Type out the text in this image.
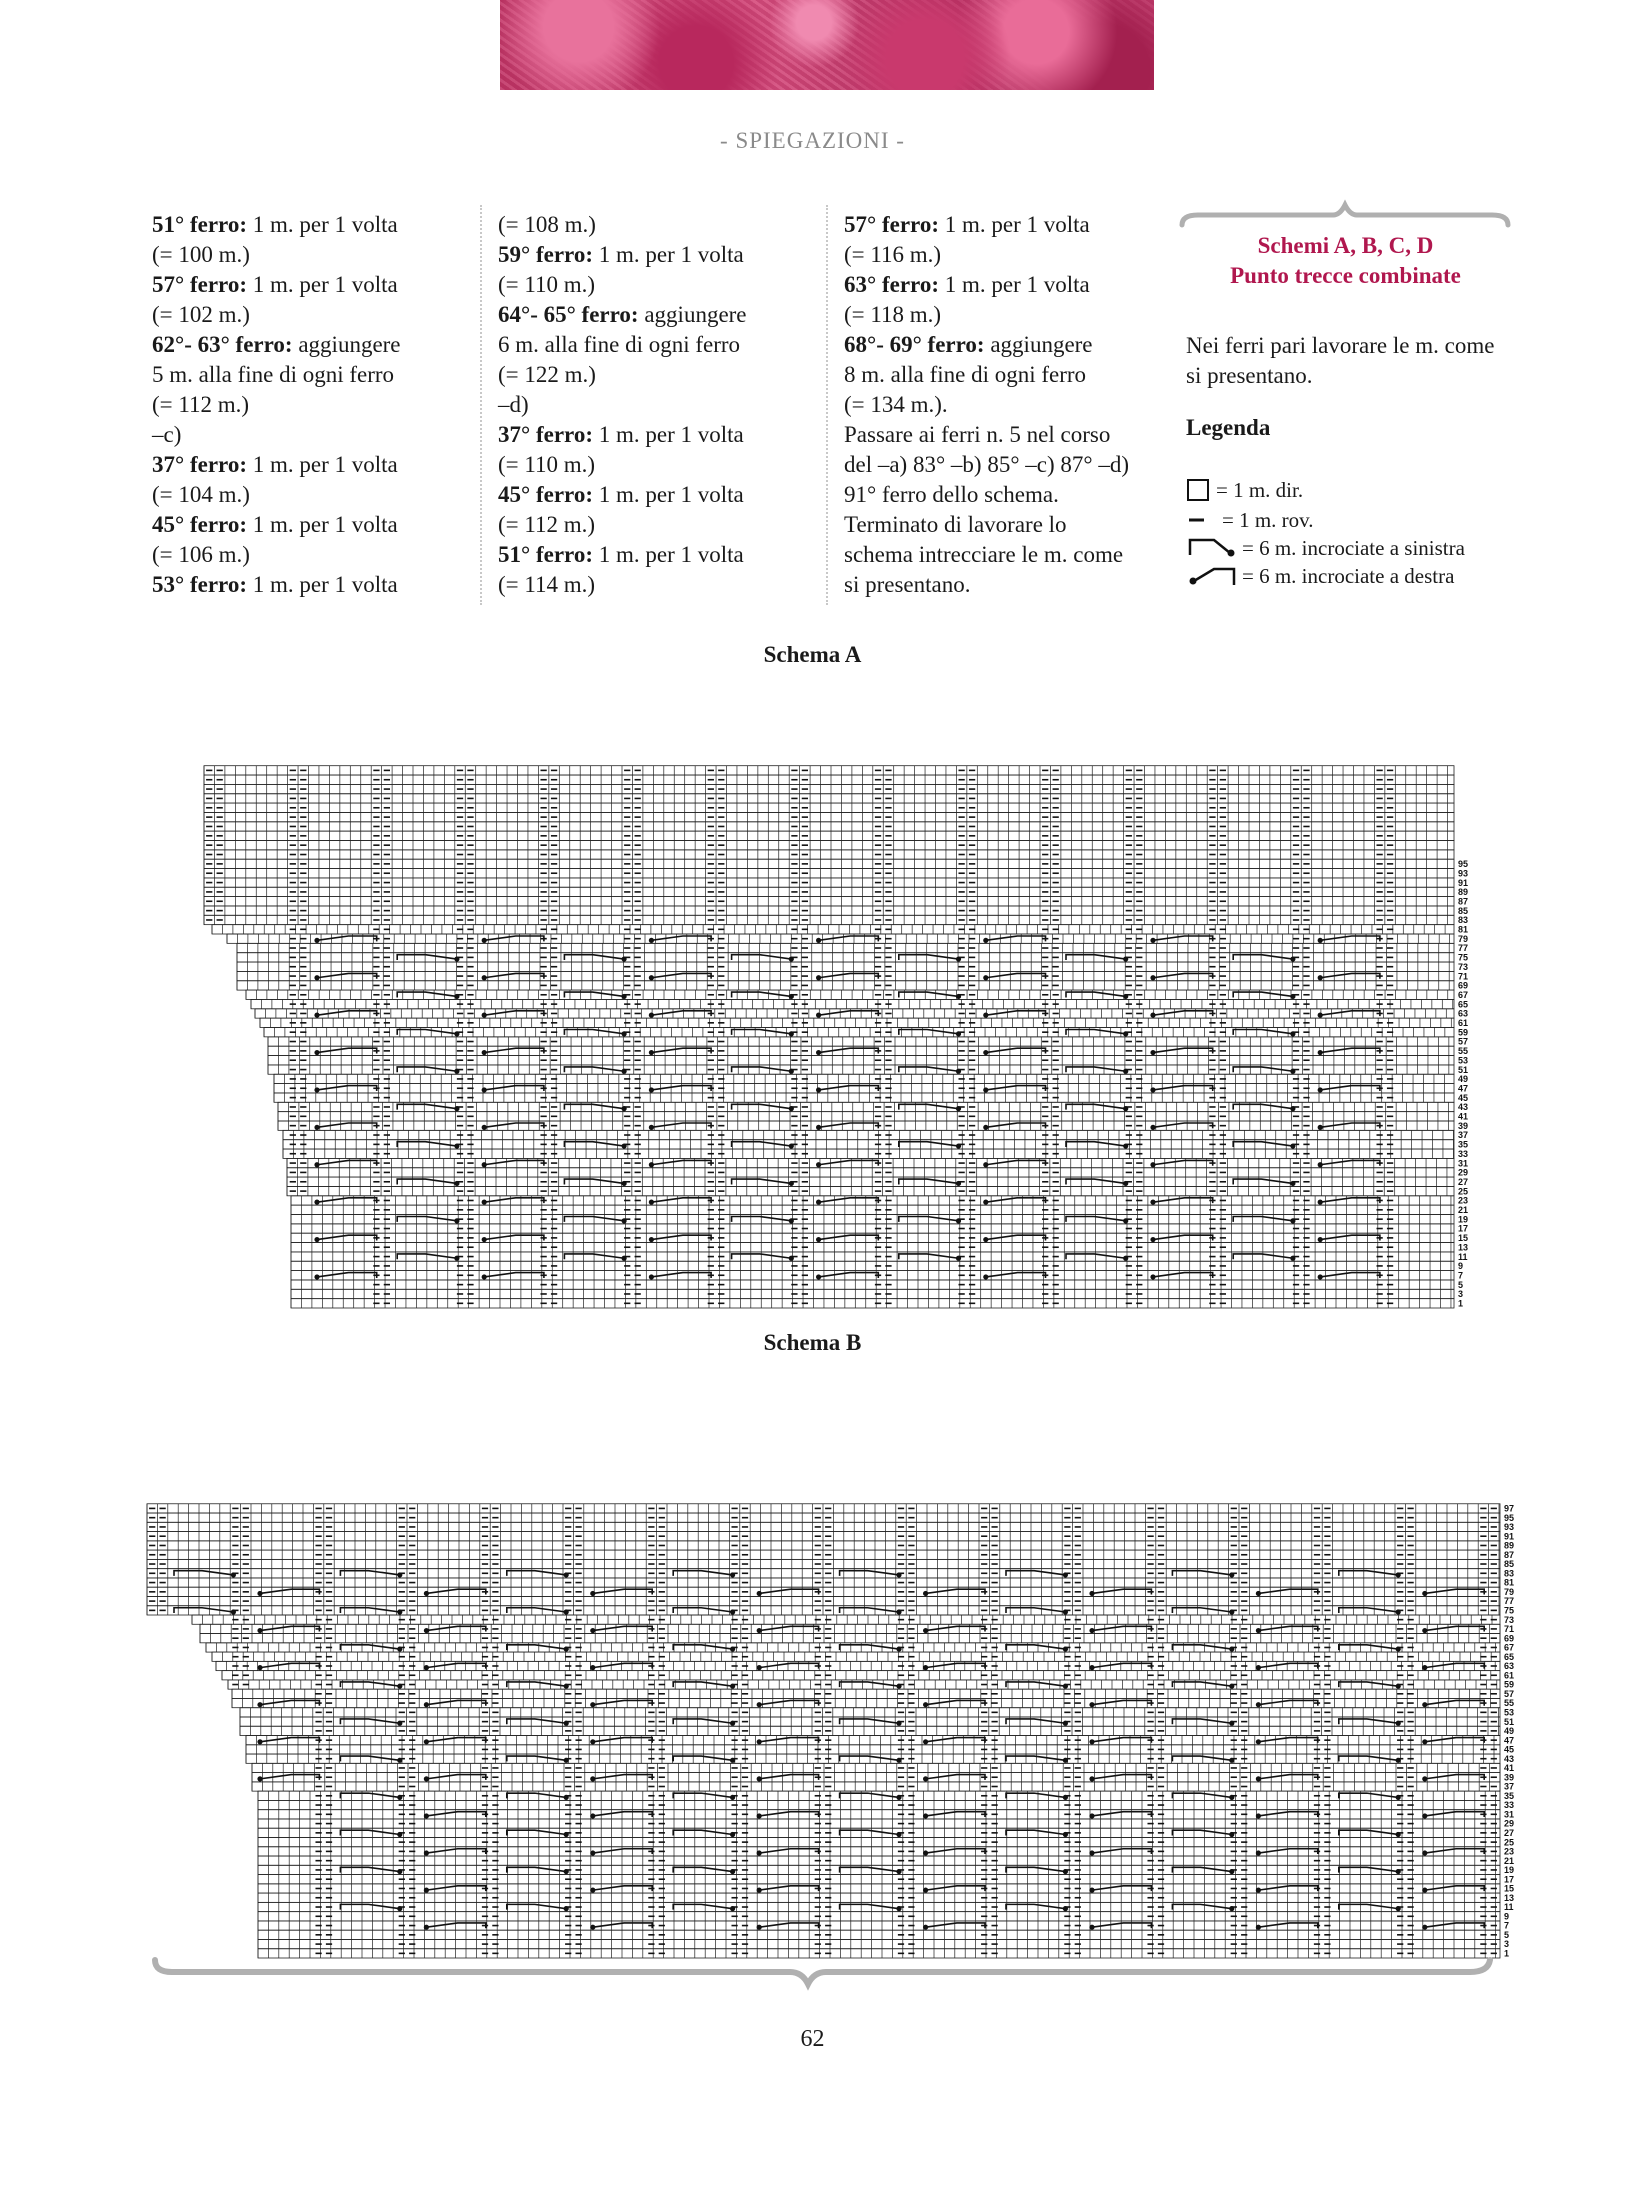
- SPIEGAZIONI -
51° ferro: 1 m. per 1 volta
(= 100 m.)
57° ferro: 1 m. per 1 volta
(= 102 m.)
62°- 63° ferro: aggiungere
5 m. alla fine di ogni ferro
(= 112 m.)
–c)
37° ferro: 1 m. per 1 volta
(= 104 m.)
45° ferro: 1 m. per 1 volta
(= 106 m.)
53° ferro: 1 m. per 1 volta
(= 108 m.)
59° ferro: 1 m. per 1 volta
(= 110 m.)
64°- 65° ferro: aggiungere
6 m. alla fine di ogni ferro
(= 122 m.)
–d)
37° ferro: 1 m. per 1 volta
(= 110 m.)
45° ferro: 1 m. per 1 volta
(= 112 m.)
51° ferro: 1 m. per 1 volta
(= 114 m.)
57° ferro: 1 m. per 1 volta
(= 116 m.)
63° ferro: 1 m. per 1 volta
(= 118 m.)
68°- 69° ferro: aggiungere
8 m. alla fine di ogni ferro
(= 134 m.).
Passare ai ferri n. 5 nel corso
del –a) 83° –b) 85° –c) 87° –d)
91° ferro dello schema.
Terminato di lavorare lo
schema intrecciare le m. come
si presentano.
Schemi A, B, C, D
Punto trecce combinate
Nei ferri pari lavorare le m. come si presentano.
Legenda
= 1 m. dir.
= 1 m. rov.
= 6 m. incrociate a sinistra
= 6 m. incrociate a destra
Schema A
1
3
5
7
9
11
13
15
17
19
21
23
25
27
29
31
33
35
37
39
41
43
45
47
49
51
53
55
57
59
61
63
65
67
69
71
73
75
77
79
81
83
85
87
89
91
93
95
Schema B
1
3
5
7
9
11
13
15
17
19
21
23
25
27
29
31
33
35
37
39
41
43
45
47
49
51
53
55
57
59
61
63
65
67
69
71
73
75
77
79
81
83
85
87
89
91
93
95
97
62
